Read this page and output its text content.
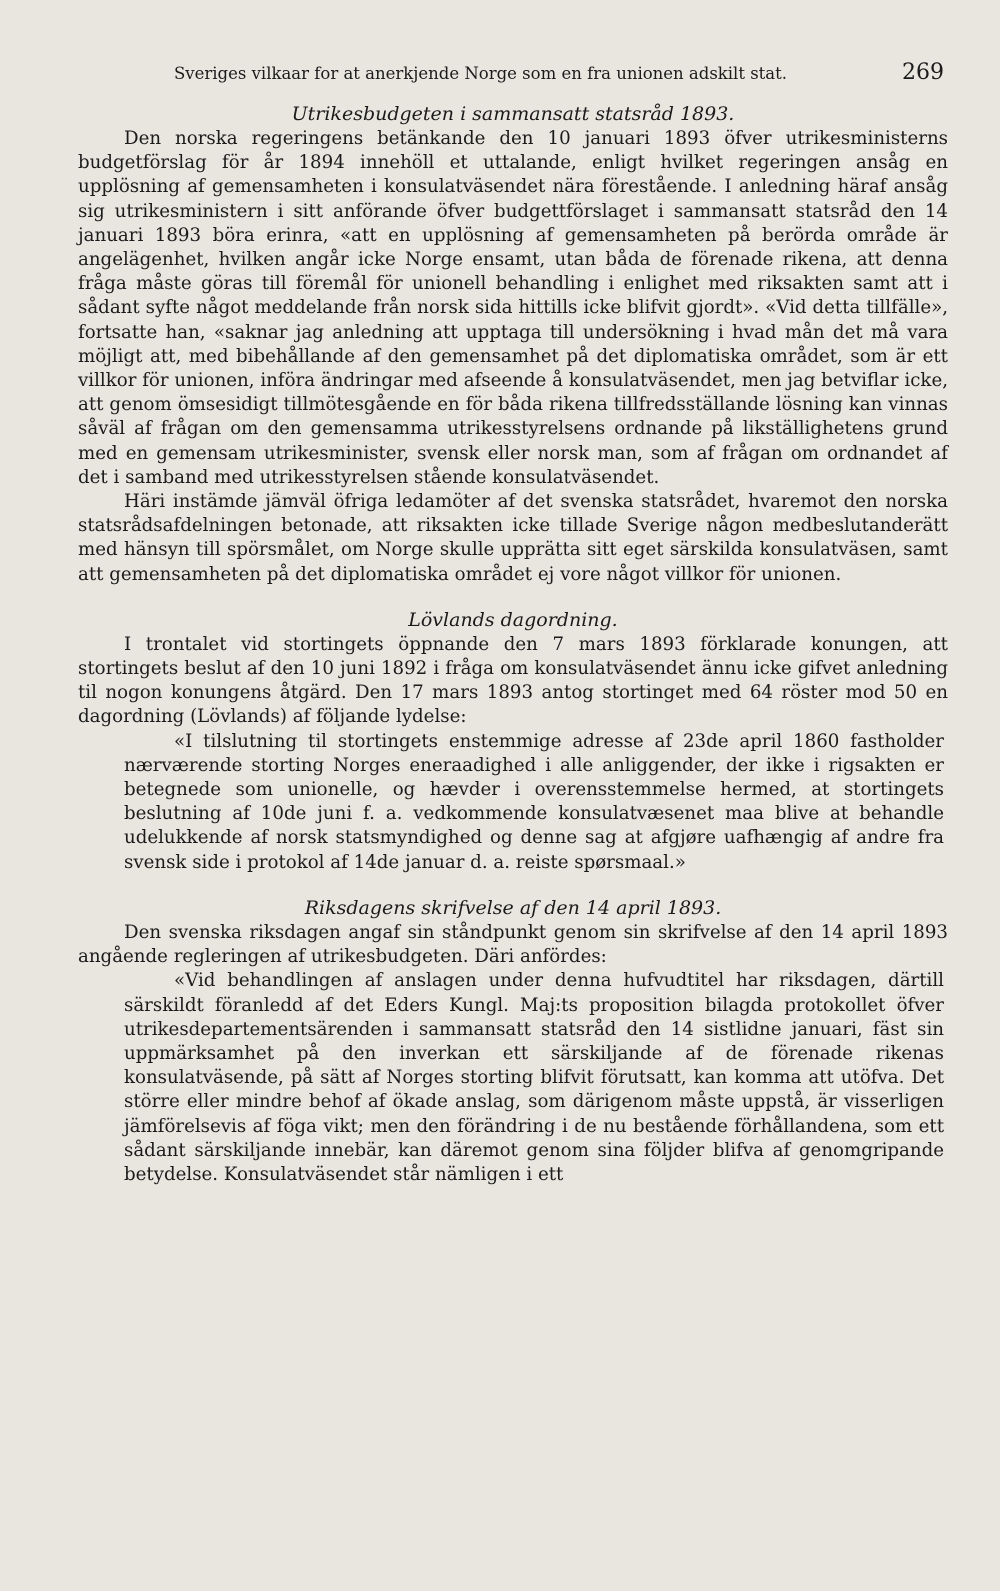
Sveriges vilkaar for at anerkjende Norge som en fra unionen adskilt stat.	269
Utrikesbudgeten i sammansatt statsråd 1893.

Den norska regeringens betänkande den 10 januari 1893 öfver utrikesministerns budgetförslag för år 1894 innehöll et uttalande, enligt hvilket regeringen ansåg en upplösning af gemensamheten i konsulatväsendet nära förestående. I anledning häraf ansåg sig utrikesministern i sitt anförande öfver budgettförslaget i sammansatt statsråd den 14 januari 1893 böra erinra, «att en upplösning af gemensamheten på berörda område är angelägenhet, hvilken angår icke Norge ensamt, utan båda de förenade rikena, att denna fråga måste göras till föremål för unionell behandling i enlighet med riksakten samt att i sådant syfte något meddelande från norsk sida hittills icke blifvit gjordt». «Vid detta tillfälle», fortsatte han, «saknar jag anledning att upptaga till undersökning i hvad mån det må vara möjligt att, med bibehållande af den gemensamhet på det diplomatiska området, som är ett villkor för unionen, införa ändringar med afseende å konsulatväsendet, men jag betviflar icke, att genom ömsesidigt tillmötesgående en för båda rikena tillfredsställande lösning kan vinnas såväl af frågan om den gemensamma utrikesstyrelsens ordnande på likställighetens grund med en gemensam utrikesminister, svensk eller norsk man, som af frågan om ordnandet af det i samband med utrikesstyrelsen stående konsulatväsendet.

Häri instämde jämväl öfriga ledamöter af det svenska statsrådet, hvaremot den norska statsrådsafdelningen betonade, att riksakten icke tillade Sverige någon medbeslutanderätt med hänsyn till spörsmålet, om Norge skulle upprätta sitt eget särskilda konsulatväsen, samt att gemensamheten på det diplomatiska området ej vore något villkor för unionen.

Lövlands dagordning.

I trontalet vid stortingets öppnande den 7 mars 1893 förklarade konungen, att stortingets beslut af den 10 juni 1892 i fråga om konsulatväsendet ännu icke gifvet anledning til nogon konungens åtgärd. Den 17 mars 1893 antog stortinget med 64 röster mod 50 en dagordning (Lövlands) af följande lydelse:

«I tilslutning til stortingets enstemmige adresse af 23de april 1860 fastholder nærværende storting Norges eneraadighed i alle anliggender, der ikke i rigsakten er betegnede som unionelle, og hævder i overensstemmelse hermed, at stortingets beslutning af 10de juni f. a. vedkommende konsulatvæsenet maa blive at behandle udelukkende af norsk statsmyndighed og denne sag at afgjøre uafhængig af andre fra svensk side i protokol af 14de januar d. a. reiste spørsmaal.»

Riksdagens skrifvelse af den 14 april 1893.

Den svenska riksdagen angaf sin ståndpunkt genom sin skrifvelse af den 14 april 1893 angående regleringen af utrikesbudgeten. Däri anfördes:

«Vid behandlingen af anslagen under denna hufvudtitel har riksdagen, därtill särskildt föranledd af det Eders Kungl. Maj:ts proposition bilagda protokollet öfver utrikesdepartementsärenden i sammansatt statsråd den 14 sistlidne januari, fäst sin uppmärksamhet på den inverkan ett särskiljande af de förenade rikenas konsulatväsende, på sätt af Norges storting blifvit förutsatt, kan komma att utöfva. Det större eller mindre behof af ökade anslag, som därigenom måste uppstå, är visserligen jämförelsevis af föga vikt; men den förändring i de nu bestående förhållandena, som ett sådant särskiljande innebär, kan däremot genom sina följder blifva af genomgripande betydelse. Konsulatväsendet står nämligen i ett
